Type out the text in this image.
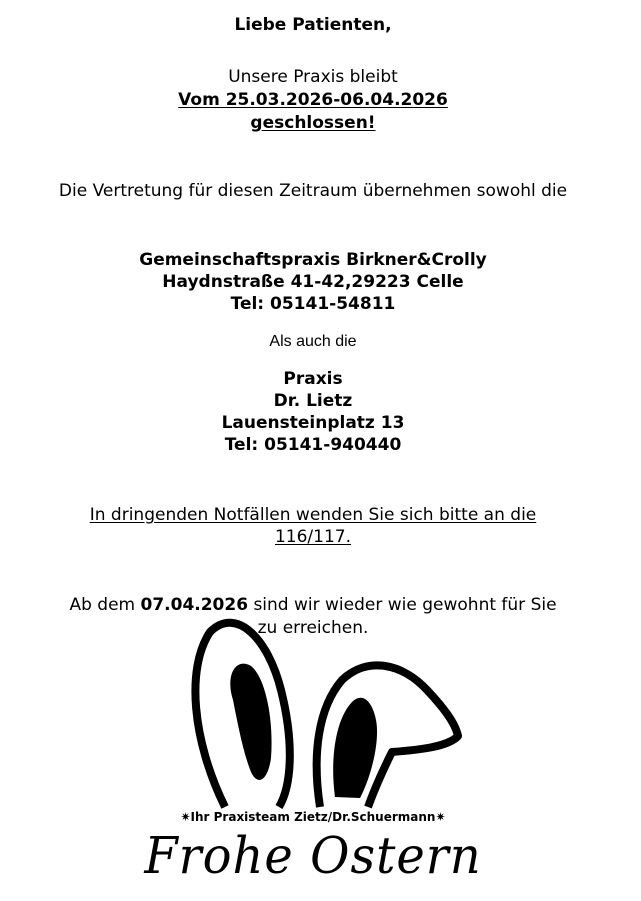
Liebe Patienten,
Unsere Praxis bleibt
Vom 25.03.2026-06.04.2026
geschlossen!
Die Vertretung für diesen Zeitraum übernehmen sowohl die
Gemeinschaftspraxis Birkner&Crolly
Haydnstraße 41-42,29223 Celle
Tel: 05141-54811
Als auch die
Praxis
Dr. Lietz
Lauensteinplatz 13
Tel: 05141-940440
In dringenden Notfällen wenden Sie sich bitte an die
116/117.
Ab dem 07.04.2026 sind wir wieder wie gewohnt für Sie
zu erreichen.
✷Ihr Praxisteam Zietz/Dr.Schuermann✷
Frohe Ostern
